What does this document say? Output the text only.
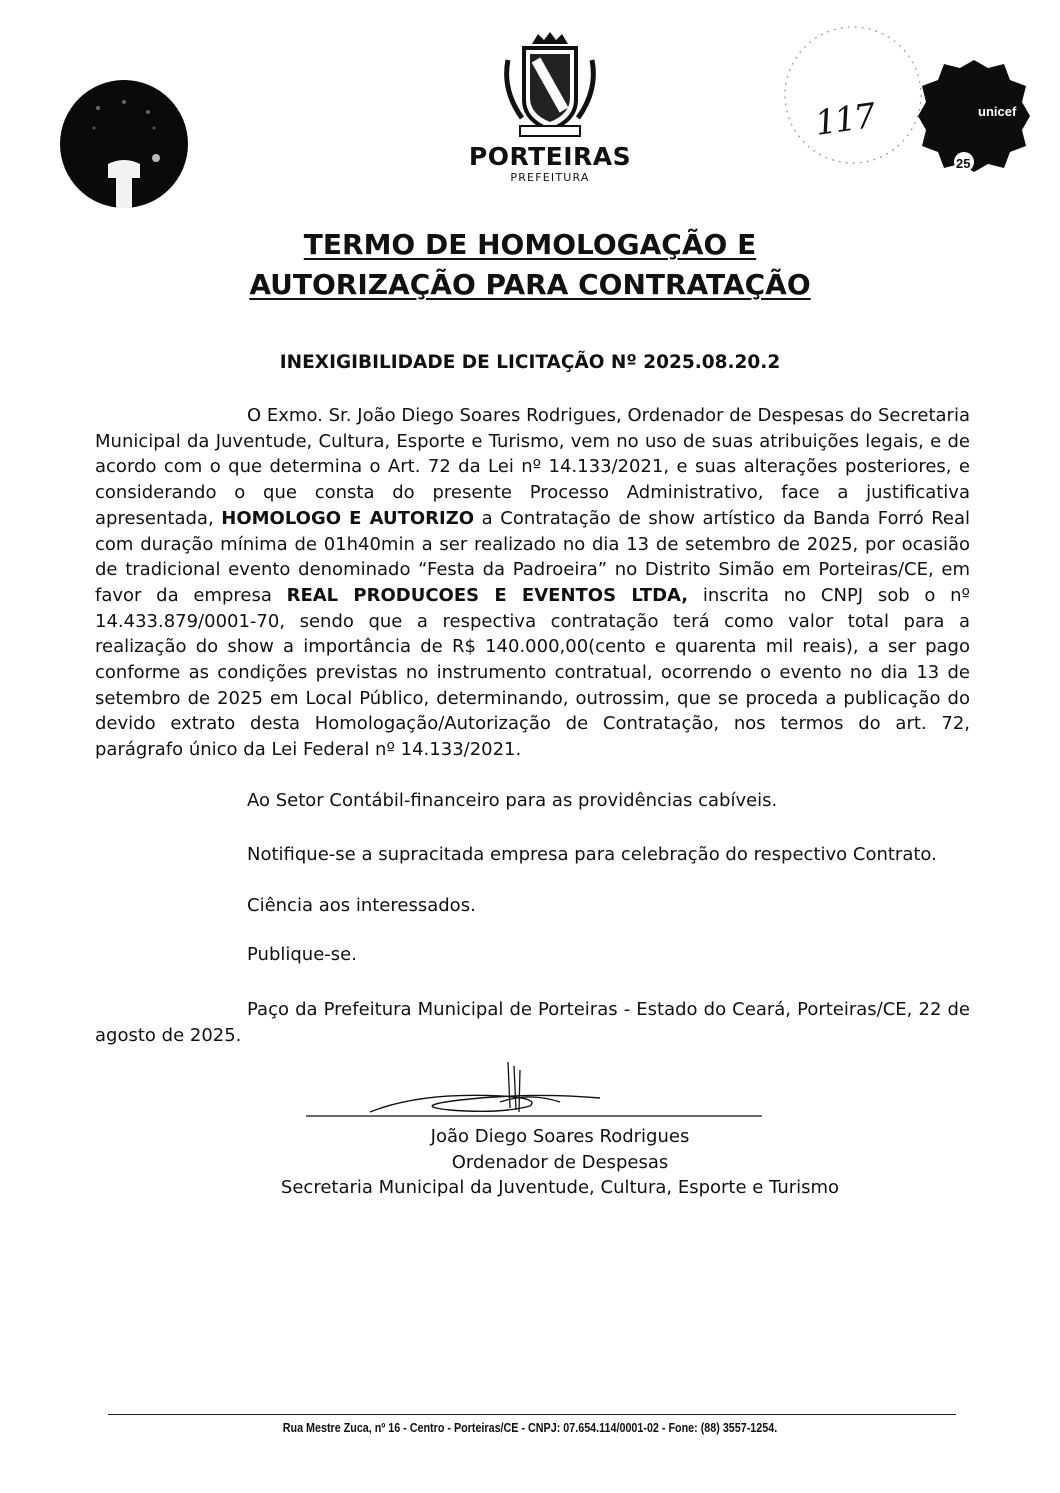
PORTEIRAS
PREFEITURA
117	unicef
25
TERMO DE HOMOLOGAÇÃO E
AUTORIZAÇÃO PARA CONTRATAÇÃO
INEXIGIBILIDADE DE LICITAÇÃO Nº 2025.08.20.2

O Exmo. Sr. João Diego Soares Rodrigues, Ordenador de Despesas do Secretaria Municipal da Juventude, Cultura, Esporte e Turismo, vem no uso de suas atribuições legais, e de acordo com o que determina o Art. 72 da Lei nº 14.133/2021, e suas alterações posteriores, e considerando o que consta do presente Processo Administrativo, face a justificativa apresentada, HOMOLOGO E AUTORIZO a Contratação de show artístico da Banda Forró Real com duração mínima de 01h40min a ser realizado no dia 13 de setembro de 2025, por ocasião de tradicional evento denominado “Festa da Padroeira” no Distrito Simão em Porteiras/CE, em favor da empresa REAL PRODUCOES E EVENTOS LTDA, inscrita no CNPJ sob o nº 14.433.879/0001-70, sendo que a respectiva contratação terá como valor total para a realização do show a importância de R$ 140.000,00(cento e quarenta mil reais), a ser pago conforme as condições previstas no instrumento contratual, ocorrendo o evento no dia 13 de setembro de 2025 em Local Público, determinando, outrossim, que se proceda a publicação do devido extrato desta Homologação/Autorização de Contratação, nos termos do art. 72, parágrafo único da Lei Federal nº 14.133/2021.

Ao Setor Contábil-financeiro para as providências cabíveis.
Notifique-se a supracitada empresa para celebração do respectivo Contrato.
Ciência aos interessados.
Publique-se.

Paço da Prefeitura Municipal de Porteiras - Estado do Ceará, Porteiras/CE, 22 de agosto de 2025.

João Diego Soares Rodrigues
Ordenador de Despesas
Secretaria Municipal da Juventude, Cultura, Esporte e Turismo
Rua Mestre Zuca, nº 16 - Centro - Porteiras/CE - CNPJ: 07.654.114/0001-02 - Fone: (88) 3557-1254.
